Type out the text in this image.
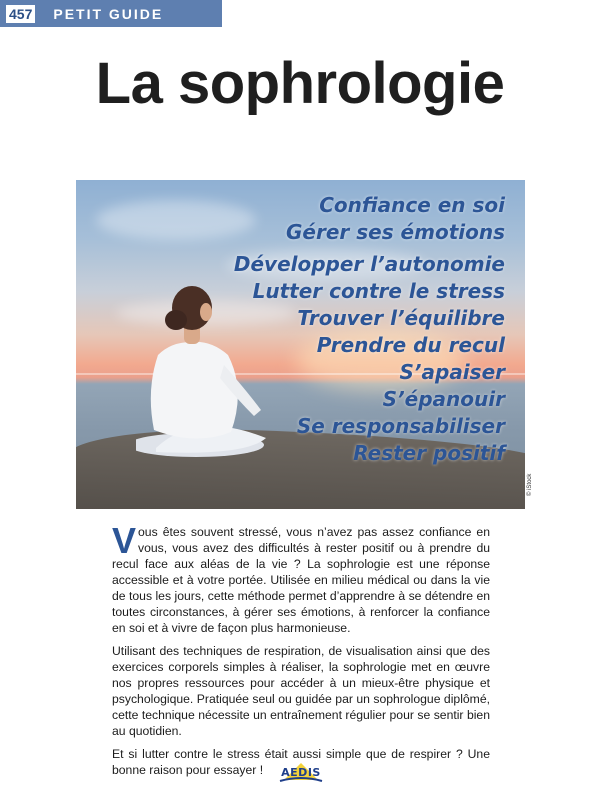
457 PETIT GUIDE
La sophrologie
Confiance en soi
Gérer ses émotions
Développer l’autonomie
Lutter contre le stress
Trouver l’équilibre
Prendre du recul
S’apaiser
S’épanouir
Se responsabiliser
Rester positif
© iStock

Vous êtes souvent stressé, vous n’avez pas assez confiance en vous, vous avez des difficultés à rester positif ou à prendre du recul face aux aléas de la vie ? La sophrologie est une réponse accessible et à votre portée. Utilisée en milieu médical ou dans la vie de tous les jours, cette méthode permet d’apprendre à se détendre en toutes circonstances, à gérer ses émotions, à renforcer la confiance en soi et à vivre de façon plus harmonieuse.

Utilisant des techniques de respiration, de visualisation ainsi que des exercices corporels simples à réaliser, la sophrologie met en œuvre nos propres ressources pour accéder à un mieux-être physique et psychologique. Pratiquée seul ou guidée par un sophrologue diplômé, cette technique nécessite un entraînement régulier pour se sentir bien au quotidien.

Et si lutter contre le stress était aussi simple que de respirer ? Une bonne raison pour essayer !	AEDIS
